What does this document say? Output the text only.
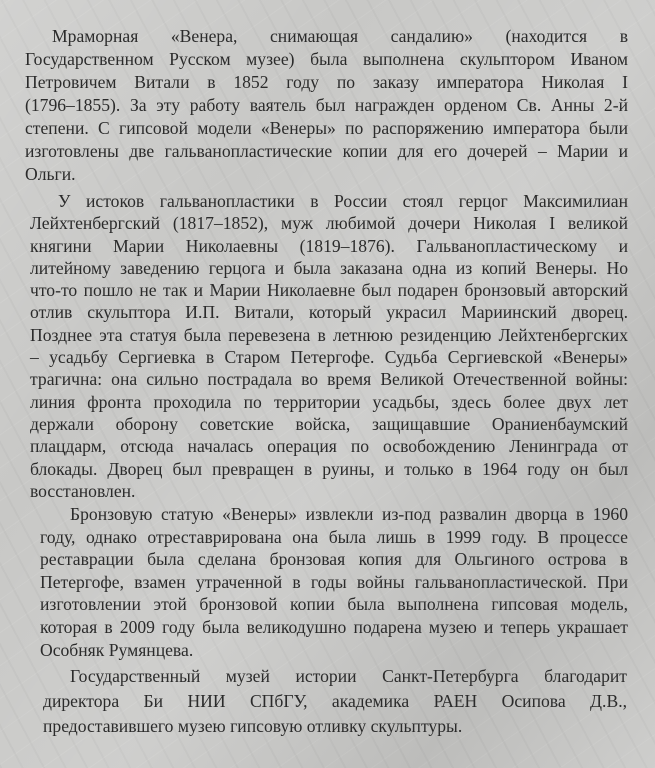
Мраморная «Венера, снимающая сандалию» (находится в
Государственном Русском музее) была выполнена скульптором Иваном
Петровичем Витали в 1852 году по заказу императора Николая I
(1796–1855). За эту работу ваятель был награжден орденом Св. Анны 2-й
степени. С гипсовой модели «Венеры» по распоряжению императора были
изготовлены две гальванопластические копии для его дочерей – Марии и
Ольги.
У истоков гальванопластики в России стоял герцог Максимилиан
Лейхтенбергский (1817–1852), муж любимой дочери Николая I великой
княгини Марии Николаевны (1819–1876). Гальванопластическому и
литейному заведению герцога и была заказана одна из копий Венеры. Но
что-то пошло не так и Марии Николаевне был подарен бронзовый авторский
отлив скульптора И.П. Витали, который украсил Мариинский дворец.
Позднее эта статуя была перевезена в летнюю резиденцию Лейхтенбергских
– усадьбу Сергиевка в Старом Петергофе. Судьба Сергиевской «Венеры»
трагична: она сильно пострадала во время Великой Отечественной войны:
линия фронта проходила по территории усадьбы, здесь более двух лет
держали оборону советские войска, защищавшие Ораниенбаумский
плацдарм, отсюда началась операция по освобождению Ленинграда от
блокады. Дворец был превращен в руины, и только в 1964 году он был
восстановлен.
Бронзовую статую «Венеры» извлекли из-под развалин дворца в 1960
году, однако отреставрирована она была лишь в 1999 году. В процессе
реставрации была сделана бронзовая копия для Ольгиного острова в
Петергофе, взамен утраченной в годы войны гальванопластической. При
изготовлении этой бронзовой копии была выполнена гипсовая модель,
которая в 2009 году была великодушно подарена музею и теперь украшает
Особняк Румянцева.
Государственный музей истории Санкт-Петербурга благодарит
директора Би НИИ СПбГУ, академика РАЕН Осипова Д.В.,
предоставившего музею гипсовую отливку скульптуры.
